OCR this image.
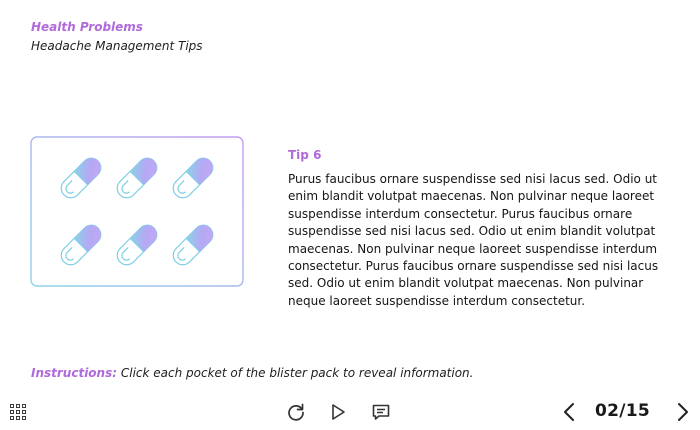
Health Problems
Headache Management Tips
Tip 6
Purus faucibus ornare suspendisse sed nisi lacus sed. Odio ut enim blandit volutpat maecenas. Non pulvinar neque laoreet suspendisse interdum consectetur. Purus faucibus ornare suspendisse sed nisi lacus sed. Odio ut enim blandit volutpat maecenas. Non pulvinar neque laoreet suspendisse interdum consectetur. Purus faucibus ornare suspendisse sed nisi lacus sed. Odio ut enim blandit volutpat maecenas. Non pulvinar neque laoreet suspendisse interdum consectetur.
Instructions: Click each pocket of the blister pack to reveal information.
02/15
